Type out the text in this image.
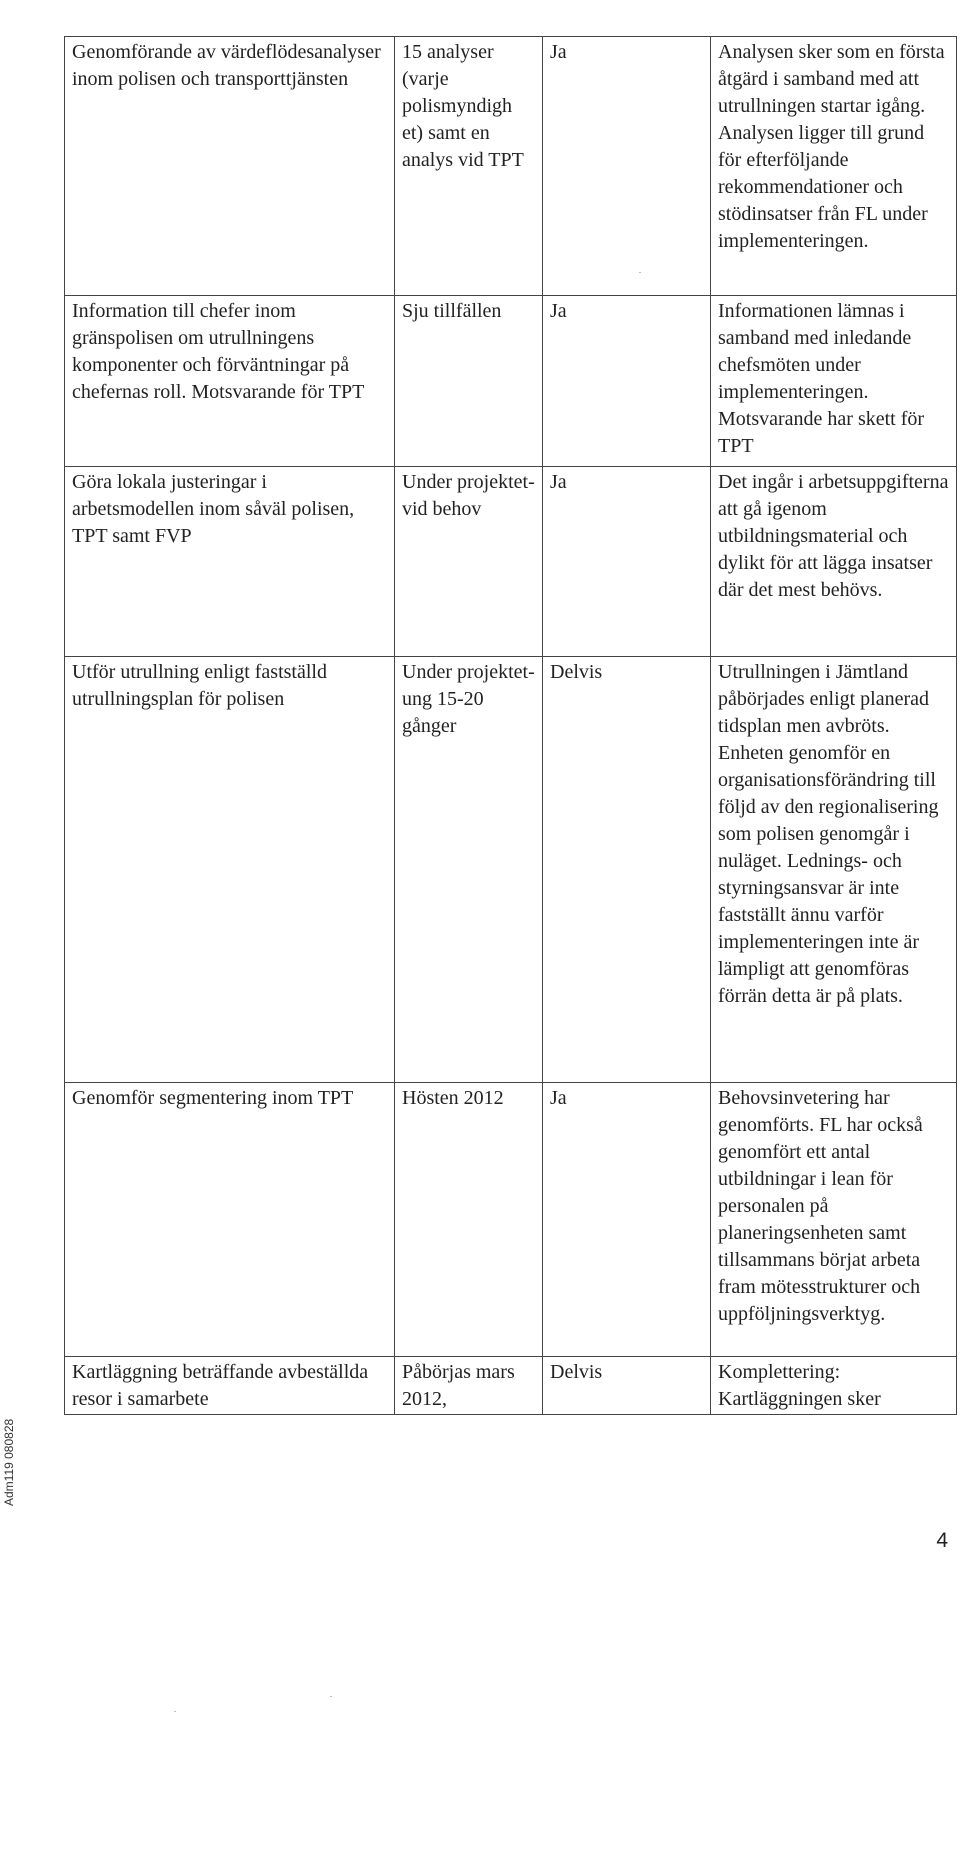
Genomförande av värdeflödesanalyser inom polisen och transporttjänsten	15 analyser (varje polismyndigh et) samt en analys vid TPT	Ja	Analysen sker som en första åtgärd i samband med att utrullningen startar igång. Analysen ligger till grund för efterföljande rekommendationer och stödinsatser från FL under implementeringen.
Information till chefer inom gränspolisen om utrullningens komponenter och förväntningar på chefernas roll. Motsvarande för TPT	Sju tillfällen	Ja	Informationen lämnas i samband med inledande chefsmöten under implementeringen. Motsvarande har skett för TPT
Göra lokala justeringar i arbetsmodellen inom såväl polisen, TPT samt FVP	Under projektet- vid behov	Ja	Det ingår i arbetsuppgifterna att gå igenom utbildningsmaterial och dylikt för att lägga insatser där det mest behövs.
Utför utrullning enligt fastställd utrullningsplan för polisen	Under projektet-ung 15-20 gånger	Delvis	Utrullningen i Jämtland påbörjades enligt planerad tidsplan men avbröts. Enheten genomför en organisationsförändring till följd av den regionalisering som polisen genomgår i nuläget. Lednings- och styrningsansvar är inte fastställt ännu varför implementeringen inte är lämpligt att genomföras förrän detta är på plats.
Genomför segmentering inom TPT	Hösten 2012	Ja	Behovsinvetering har genomförts. FL har också genomfört ett antal utbildningar i lean för personalen på planeringsenheten samt tillsammans börjat arbeta fram mötesstrukturer och uppföljningsverktyg.
Kartläggning beträffande avbeställda resor i samarbete	Påbörjas mars 2012,	Delvis	Komplettering: Kartläggningen sker
Adm119 080828
4
